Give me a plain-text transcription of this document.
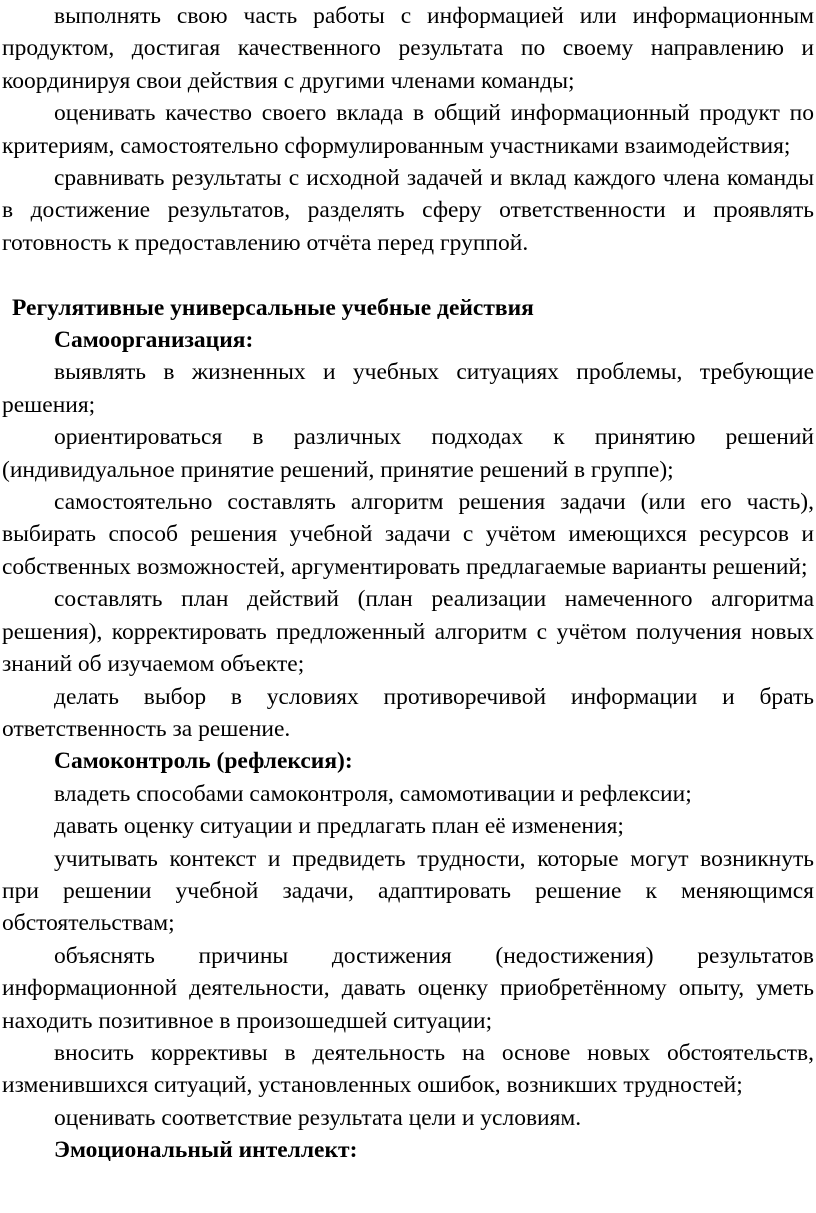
выполнять свою часть работы с информацией или информационным продуктом, достигая качественного результата по своему направлению и координируя свои действия с другими членами команды;

оценивать качество своего вклада в общий информационный продукт по критериям, самостоятельно сформулированным участниками взаимодействия;

сравнивать результаты с исходной задачей и вклад каждого члена команды в достижение результатов, разделять сферу ответственности и проявлять готовность к предоставлению отчёта перед группой.

Регулятивные универсальные учебные действия

Самоорганизация:

выявлять в жизненных и учебных ситуациях проблемы, требующие решения;

ориентироваться в различных подходах к принятию решений (индивидуальное принятие решений, принятие решений в группе);

самостоятельно составлять алгоритм решения задачи (или его часть), выбирать способ решения учебной задачи с учётом имеющихся ресурсов и собственных возможностей, аргументировать предлагаемые варианты решений;

составлять план действий (план реализации намеченного алгоритма решения), корректировать предложенный алгоритм с учётом получения новых знаний об изучаемом объекте;

делать выбор в условиях противоречивой информации и брать ответственность за решение.

Самоконтроль (рефлексия):

владеть способами самоконтроля, самомотивации и рефлексии;

давать оценку ситуации и предлагать план её изменения;

учитывать контекст и предвидеть трудности, которые могут возникнуть при решении учебной задачи, адаптировать решение к меняющимся обстоятельствам;

объяснять причины достижения (недостижения) результатов информационной деятельности, давать оценку приобретённому опыту, уметь находить позитивное в произошедшей ситуации;

вносить коррективы в деятельность на основе новых обстоятельств, изменившихся ситуаций, установленных ошибок, возникших трудностей;

оценивать соответствие результата цели и условиям.

Эмоциональный интеллект:
